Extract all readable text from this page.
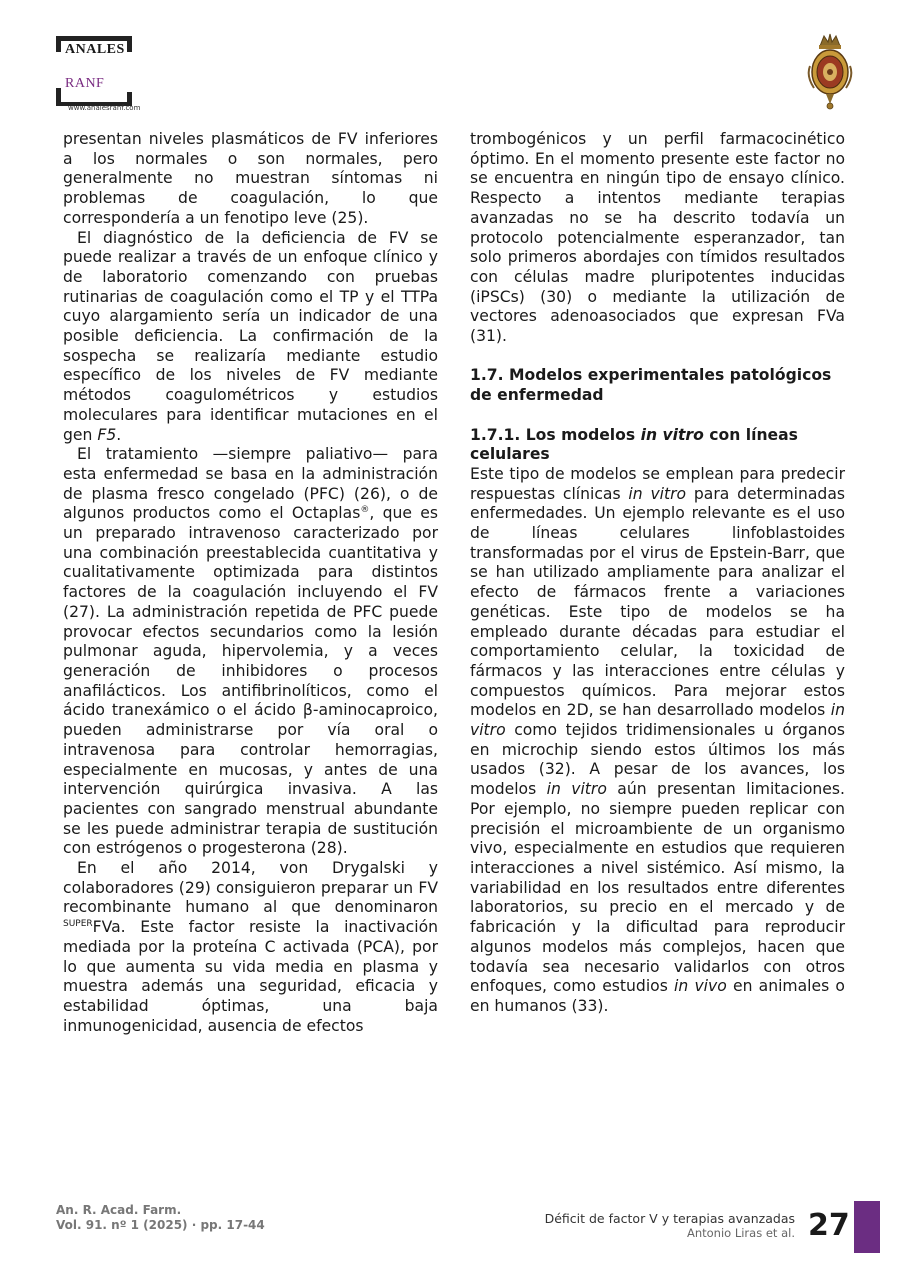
ANALES
RANF
www.analesranf.com

presentan niveles plasmáticos de FV inferiores a los normales o son normales, pero generalmente no muestran síntomas ni problemas de coagulación, lo que correspondería a un fenotipo leve (25).

El diagnóstico de la deficiencia de FV se puede realizar a través de un enfoque clínico y de laboratorio comenzando con pruebas rutinarias de coagulación como el TP y el TTPa cuyo alargamiento sería un indicador de una posible deficiencia. La confirmación de la sospecha se realizaría mediante estudio específico de los niveles de FV mediante métodos coagulométricos y estudios moleculares para identificar mutaciones en el gen F5.

El tratamiento —siempre paliativo— para esta enfermedad se basa en la administración de plasma fresco congelado (PFC) (26), o de algunos productos como el Octaplas®, que es un preparado intravenoso caracterizado por una combinación preestablecida cuantitativa y cualitativamente optimizada para distintos factores de la coagulación incluyendo el FV (27). La administración repetida de PFC puede provocar efectos secundarios como la lesión pulmonar aguda, hipervolemia, y a veces generación de inhibidores o procesos anafilácticos. Los antifibrinolíticos, como el ácido tranexámico o el ácido β-aminocaproico, pueden administrarse por vía oral o intravenosa para controlar hemorragias, especialmente en mucosas, y antes de una intervención quirúrgica invasiva. A las pacientes con sangrado menstrual abundante se les puede administrar terapia de sustitución con estrógenos o progesterona (28).

En el año 2014, von Drygalski y colaboradores (29) consiguieron preparar un FV recombinante humano al que denominaron $^{SUPER}$FVa. Este factor resiste la inactivación mediada por la proteína C activada (PCA), por lo que aumenta su vida media en plasma y muestra además una seguridad, eficacia y estabilidad óptimas, una baja inmunogenicidad, ausencia de efectos

trombogénicos y un perfil farmacocinético óptimo. En el momento presente este factor no se encuentra en ningún tipo de ensayo clínico. Respecto a intentos mediante terapias avanzadas no se ha descrito todavía un protocolo potencialmente esperanzador, tan solo primeros abordajes con tímidos resultados con células madre pluripotentes inducidas (iPSCs) (30) o mediante la utilización de vectores adenoasociados que expresan FVa (31).

1.7. Modelos experimentales patológicos de enfermedad
1.7.1. Los modelos in vitro con líneas celulares

Este tipo de modelos se emplean para predecir respuestas clínicas in vitro para determinadas enfermedades. Un ejemplo relevante es el uso de líneas celulares linfoblastoides transformadas por el virus de Epstein-Barr, que se han utilizado ampliamente para analizar el efecto de fármacos frente a variaciones genéticas. Este tipo de modelos se ha empleado durante décadas para estudiar el comportamiento celular, la toxicidad de fármacos y las interacciones entre células y compuestos químicos. Para mejorar estos modelos en 2D, se han desarrollado modelos in vitro como tejidos tridimensionales u órganos en microchip siendo estos últimos los más usados (32). A pesar de los avances, los modelos in vitro aún presentan limitaciones. Por ejemplo, no siempre pueden replicar con precisión el microambiente de un organismo vivo, especialmente en estudios que requieren interacciones a nivel sistémico. Así mismo, la variabilidad en los resultados entre diferentes laboratorios, su precio en el mercado y de fabricación y la dificultad para reproducir algunos modelos más complejos, hacen que todavía sea necesario validarlos con otros enfoques, como estudios in vivo en animales o en humanos (33).

An. R. Acad. Farm.
Vol. 91. nº 1 (2025) · pp. 17-44	Déficit de factor V y terapias avanzadas
Antonio Liras et al. 27
